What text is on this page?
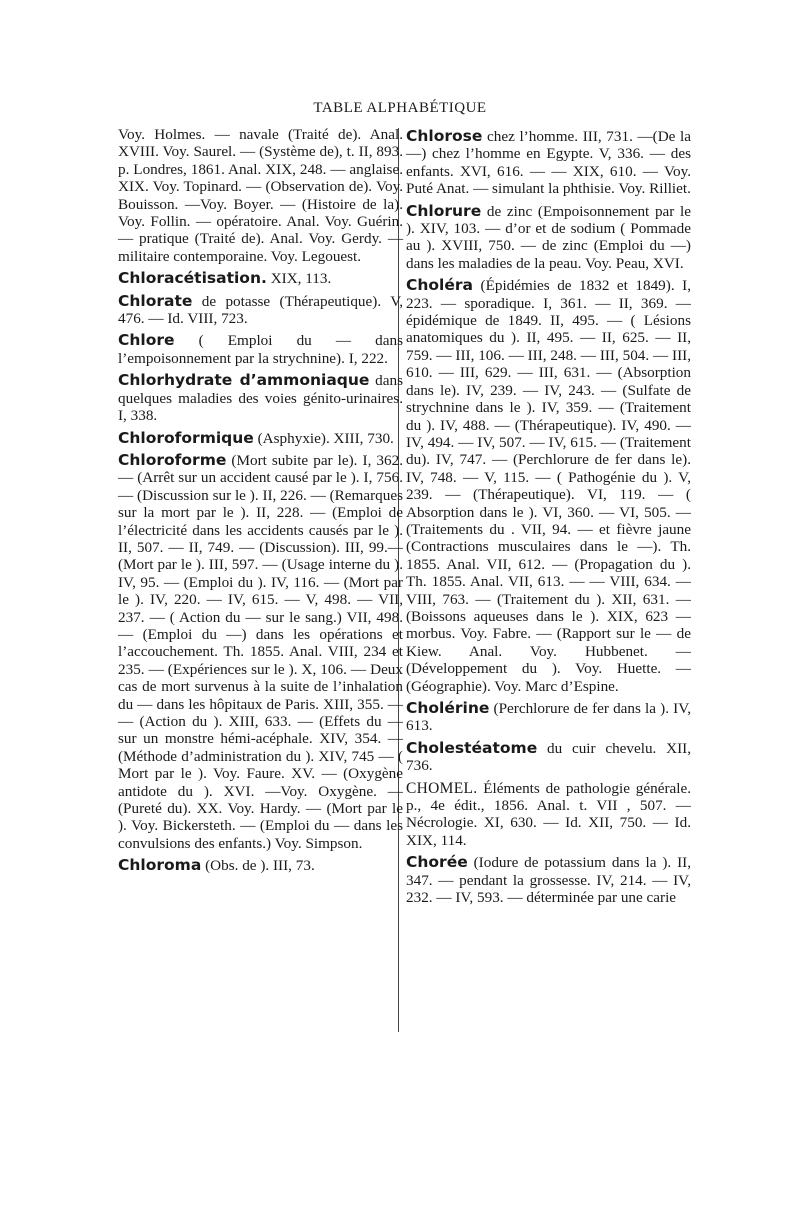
TABLE ALPHABÉTIQUE

Voy. Holmes. — navale (Traité de). Anal. XVIII. Voy. Saurel. — (Système de), t. II, 893. p. Londres, 1861. Anal. XIX, 248. — anglaise. XIX. Voy. Topinard. — (Observation de). Voy. Bouisson. —Voy. Boyer. — (Histoire de la). Voy. Follin. — opératoire. Anal. Voy. Guérin. — pratique (Traité de). Anal. Voy. Gerdy. — militaire contemporaine. Voy. Legouest.

Chloracétisation. XIX, 113.

Chlorate de potasse (Thérapeutique). V, 476. — Id. VIII, 723.

Chlore ( Emploi du — dans l’empoisonnement par la strychnine). I, 222.

Chlorhydrate d’ammoniaque dans quelques maladies des voies génito-urinaires. I, 338.

Chloroformique (Asphyxie). XIII, 730.

Chloroforme (Mort subite par le). I, 362. — (Arrêt sur un accident causé par le ). I, 756. — (Discussion sur le ). II, 226. — (Remarques sur la mort par le ). II, 228. — (Emploi de l’électricité dans les accidents causés par le ). II, 507. — II, 749. — (Discussion). III, 99.— (Mort par le ). III, 597. — (Usage interne du ). IV, 95. — (Emploi du ). IV, 116. — (Mort par le ). IV, 220. — IV, 615. — V, 498. — VII, 237. — ( Action du — sur le sang.) VII, 498. — (Emploi du —) dans les opérations et l’accouchement. Th. 1855. Anal. VIII, 234 et 235. — (Expériences sur le ). X, 106. — Deux cas de mort survenus à la suite de l’inhalation du — dans les hôpitaux de Paris. XIII, 355. — — (Action du ). XIII, 633. — (Effets du — sur un monstre hémi-acéphale. XIV, 354. — (Méthode d’administration du ). XIV, 745 — ( Mort par le ). Voy. Faure. XV. — (Oxygène antidote du ). XVI. —Voy. Oxygène. — (Pureté du). XX. Voy. Hardy. — (Mort par le ). Voy. Bickersteth. — (Emploi du — dans les convulsions des enfants.) Voy. Simpson.

Chloroma (Obs. de ). III, 73.

Chlorose chez l’homme. III, 731. —(De la—) chez l’homme en Egypte. V, 336. — des enfants. XVI, 616. — — XIX, 610. — Voy. Puté Anat. — simulant la phthisie. Voy. Rilliet.

Chlorure de zinc (Empoisonnement par le ). XIV, 103. — d’or et de sodium ( Pommade au ). XVIII, 750. — de zinc (Emploi du —) dans les maladies de la peau. Voy. Peau, XVI.

Choléra (Épidémies de 1832 et 1849). I, 223. — sporadique. I, 361. — II, 369. — épidémique de 1849. II, 495. — ( Lésions anatomiques du ). II, 495. — II, 625. — II, 759. — III, 106. — III, 248. — III, 504. — III, 610. — III, 629. — III, 631. — (Absorption dans le). IV, 239. — IV, 243. — (Sulfate de strychnine dans le ). IV, 359. — (Traitement du ). IV, 488. — (Thérapeutique). IV, 490. — IV, 494. — IV, 507. — IV, 615. — (Traitement du). IV, 747. — (Perchlorure de fer dans le). IV, 748. — V, 115. — ( Pathogénie du ). V, 239. — (Thérapeutique). VI, 119. — ( Absorption dans le ). VI, 360. — VI, 505. — (Traitements du . VII, 94. — et fièvre jaune (Contractions musculaires dans le —). Th. 1855. Anal. VII, 612. — (Propagation du ). Th. 1855. Anal. VII, 613. — — VIII, 634. — VIII, 763. — (Traitement du ). XII, 631. — (Boissons aqueuses dans le ). XIX, 623 — morbus. Voy. Fabre. — (Rapport sur le — de Kiew. Anal. Voy. Hubbenet. — (Développement du ). Voy. Huette. — (Géographie). Voy. Marc d’Espine.

Cholérine (Perchlorure de fer dans la ). IV, 613.

Cholestéatome du cuir chevelu. XII, 736.

CHOMEL. Éléments de pathologie générale. p., 4e édit., 1856. Anal. t. VII , 507. — Nécrologie. XI, 630. — Id. XII, 750. — Id. XIX, 114.

Chorée (Iodure de potassium dans la ). II, 347. — pendant la grossesse. IV, 214. — IV, 232. — IV, 593. — déterminée par une carie
